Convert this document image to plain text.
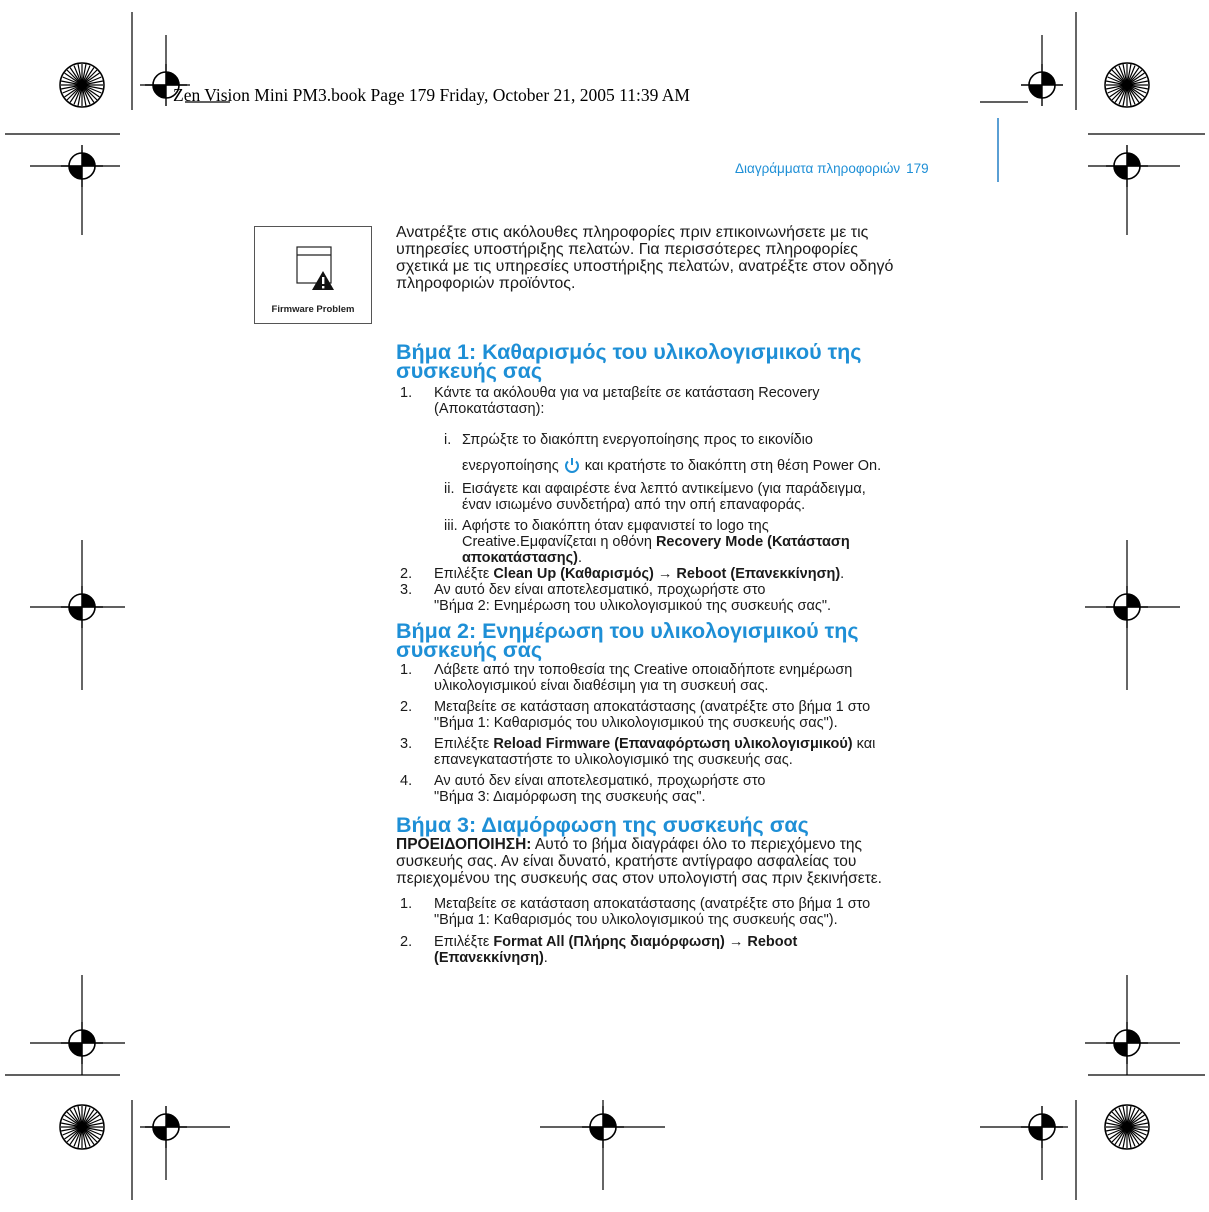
Zen Vision Mini PM3.book Page 179 Friday, October 21, 2005 11:39 AM
Διαγράμματα πληροφοριών 179
Firmware Problem
Ανατρέξτε στις ακόλουθες πληροφορίες πριν επικοινωνήσετε με τις
υπηρεσίες υποστήριξης πελατών. Για περισσότερες πληροφορίες
σχετικά με τις υπηρεσίες υποστήριξης πελατών, ανατρέξτε στον οδηγό
πληροφοριών προϊόντος.
Βήμα 1: Καθαρισμός του υλικολογισμικού της
συσκευής σας
1. Κάντε τα ακόλουθα για να μεταβείτε σε κατάσταση Recovery
(Αποκατάσταση):
i. Σπρώξτε το διακόπτη ενεργοποίησης προς το εικονίδιο
ενεργοποίησης και κρατήστε το διακόπτη στη θέση Power On.
ii. Εισάγετε και αφαιρέστε ένα λεπτό αντικείμενο (για παράδειγμα,
έναν ισιωμένο συνδετήρα) από την οπή επαναφοράς.
iii. Αφήστε το διακόπτη όταν εμφανιστεί το logo της
Creative.Εμφανίζεται η οθόνη Recovery Mode (Κατάσταση
αποκατάστασης).
2. Επιλέξτε Clean Up (Καθαρισμός) → Reboot (Επανεκκίνηση).
3. Αν αυτό δεν είναι αποτελεσματικό, προχωρήστε στο
"Βήμα 2: Ενημέρωση του υλικολογισμικού της συσκευής σας".
Βήμα 2: Ενημέρωση του υλικολογισμικού της
συσκευής σας
1. Λάβετε από την τοποθεσία της Creative οποιαδήποτε ενημέρωση
υλικολογισμικού είναι διαθέσιμη για τη συσκευή σας.
2. Μεταβείτε σε κατάσταση αποκατάστασης (ανατρέξτε στο βήμα 1 στο
"Βήμα 1: Καθαρισμός του υλικολογισμικού της συσκευής σας").
3. Επιλέξτε Reload Firmware (Επαναφόρτωση υλικολογισμικού) και
επανεγκαταστήστε το υλικολογισμικό της συσκευής σας.
4. Αν αυτό δεν είναι αποτελεσματικό, προχωρήστε στο
"Βήμα 3: Διαμόρφωση της συσκευής σας".
Βήμα 3: Διαμόρφωση της συσκευής σας
ΠΡΟΕΙΔΟΠΟΙΗΣΗ: Αυτό το βήμα διαγράφει όλο το περιεχόμενο της
συσκευής σας. Αν είναι δυνατό, κρατήστε αντίγραφο ασφαλείας του
περιεχομένου της συσκευής σας στον υπολογιστή σας πριν ξεκινήσετε.
1. Μεταβείτε σε κατάσταση αποκατάστασης (ανατρέξτε στο βήμα 1 στο
"Βήμα 1: Καθαρισμός του υλικολογισμικού της συσκευής σας").
2. Επιλέξτε Format All (Πλήρης διαμόρφωση) → Reboot
(Επανεκκίνηση).
